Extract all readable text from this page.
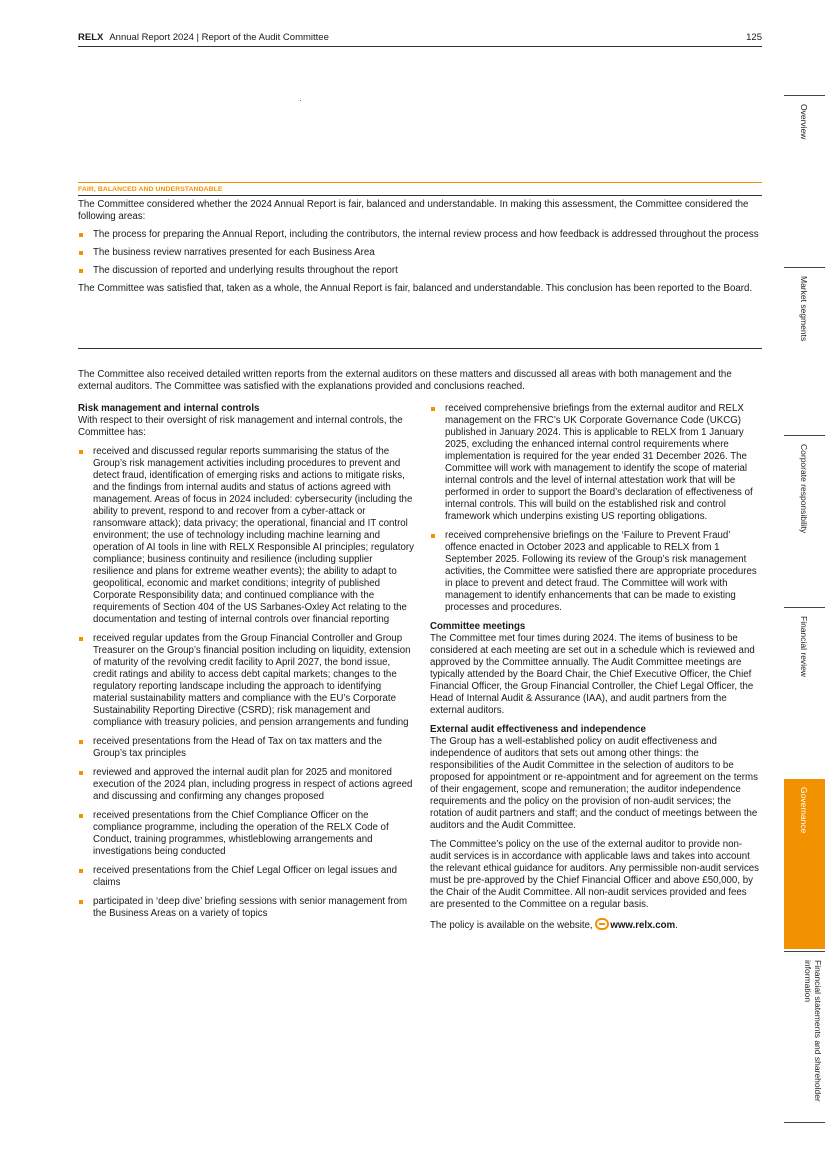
RELX Annual Report 2024 | Report of the Audit Committee	125
Overview
Market segments
Corporate responsibility
Financial review
Governance
Financial statements and shareholder information
FAIR, BALANCED AND UNDERSTANDABLE

The Committee considered whether the 2024 Annual Report is fair, balanced and understandable. In making this assessment, the Committee considered the following areas:

The process for preparing the Annual Report, including the contributors, the internal review process and how feedback is addressed throughout the process
The business review narratives presented for each Business Area
The discussion of reported and underlying results throughout the report

The Committee was satisfied that, taken as a whole, the Annual Report is fair, balanced and understandable. This conclusion has been reported to the Board.

The Committee also received detailed written reports from the external auditors on these matters and discussed all areas with both management and the external auditors. The Committee was satisfied with the explanations provided and conclusions reached.

Risk management and internal controls

With respect to their oversight of risk management and internal controls, the Committee has:

received and discussed regular reports summarising the status of the Group’s risk management activities including procedures to prevent and detect fraud, identification of emerging risks and actions to mitigate risks, and the findings from internal audits and status of actions agreed with management. Areas of focus in 2024 included: cybersecurity (including the ability to prevent, respond to and recover from a cyber-attack or ransomware attack); data privacy; the operational, financial and IT control environment; the use of technology including machine learning and operation of AI tools in line with RELX Responsible AI principles; regulatory compliance; business continuity and resilience (including supplier resilience and plans for extreme weather events); the ability to adapt to geopolitical, economic and market conditions; integrity of published Corporate Responsibility data; and continued compliance with the requirements of Section 404 of the US Sarbanes-Oxley Act relating to the documentation and testing of internal controls over financial reporting
received regular updates from the Group Financial Controller and Group Treasurer on the Group’s financial position including on liquidity, extension of maturity of the revolving credit facility to April 2027, the bond issue, credit ratings and ability to access debt capital markets; changes to the regulatory reporting landscape including the approach to identifying material sustainability matters and compliance with the EU’s Corporate Sustainability Reporting Directive (CSRD); risk management and compliance with treasury policies, and pension arrangements and funding
received presentations from the Head of Tax on tax matters and the Group’s tax principles
reviewed and approved the internal audit plan for 2025 and monitored execution of the 2024 plan, including progress in respect of actions agreed and discussing and confirming any changes proposed
received presentations from the Chief Compliance Officer on the compliance programme, including the operation of the RELX Code of Conduct, training programmes, whistleblowing arrangements and investigations being conducted
received presentations from the Chief Legal Officer on legal issues and claims
participated in ‘deep dive’ briefing sessions with senior management from the Business Areas on a variety of topics
received comprehensive briefings from the external auditor and RELX management on the FRC’s UK Corporate Governance Code (UKCG) published in January 2024. This is applicable to RELX from 1 January 2025, excluding the enhanced internal control requirements where implementation is required for the year ended 31 December 2026. The Committee will work with management to identify the scope of material internal controls and the level of internal attestation work that will be performed in order to support the Board’s declaration of effectiveness of internal controls. This will build on the established risk and control framework which underpins existing US reporting obligations.
received comprehensive briefings on the ‘Failure to Prevent Fraud’ offence enacted in October 2023 and applicable to RELX from 1 September 2025. Following its review of the Group’s risk management activities, the Committee were satisfied there are appropriate procedures in place to prevent and detect fraud. The Committee will work with management to identify enhancements that can be made to existing processes and procedures.
Committee meetings

The Committee met four times during 2024. The items of business to be considered at each meeting are set out in a schedule which is reviewed and approved by the Committee annually. The Audit Committee meetings are typically attended by the Board Chair, the Chief Executive Officer, the Chief Financial Officer, the Group Financial Controller, the Chief Legal Officer, the Head of Internal Audit & Assurance (IAA), and audit partners from the external auditors.

External audit effectiveness and independence

The Group has a well-established policy on audit effectiveness and independence of auditors that sets out among other things: the responsibilities of the Audit Committee in the selection of auditors to be proposed for appointment or re-appointment and for agreement on the terms of their engagement, scope and remuneration; the auditor independence requirements and the policy on the provision of non-audit services; the rotation of audit partners and staff; and the conduct of meetings between the auditors and the Audit Committee.

The Committee’s policy on the use of the external auditor to provide non-audit services is in accordance with applicable laws and takes into account the relevant ethical guidance for auditors. Any permissible non-audit services must be pre-approved by the Chief Financial Officer and above £50,000, by the Chair of the Audit Committee. All non-audit services provided and fees are presented to the Committee on a regular basis.

The policy is available on the website, www.relx.com.
